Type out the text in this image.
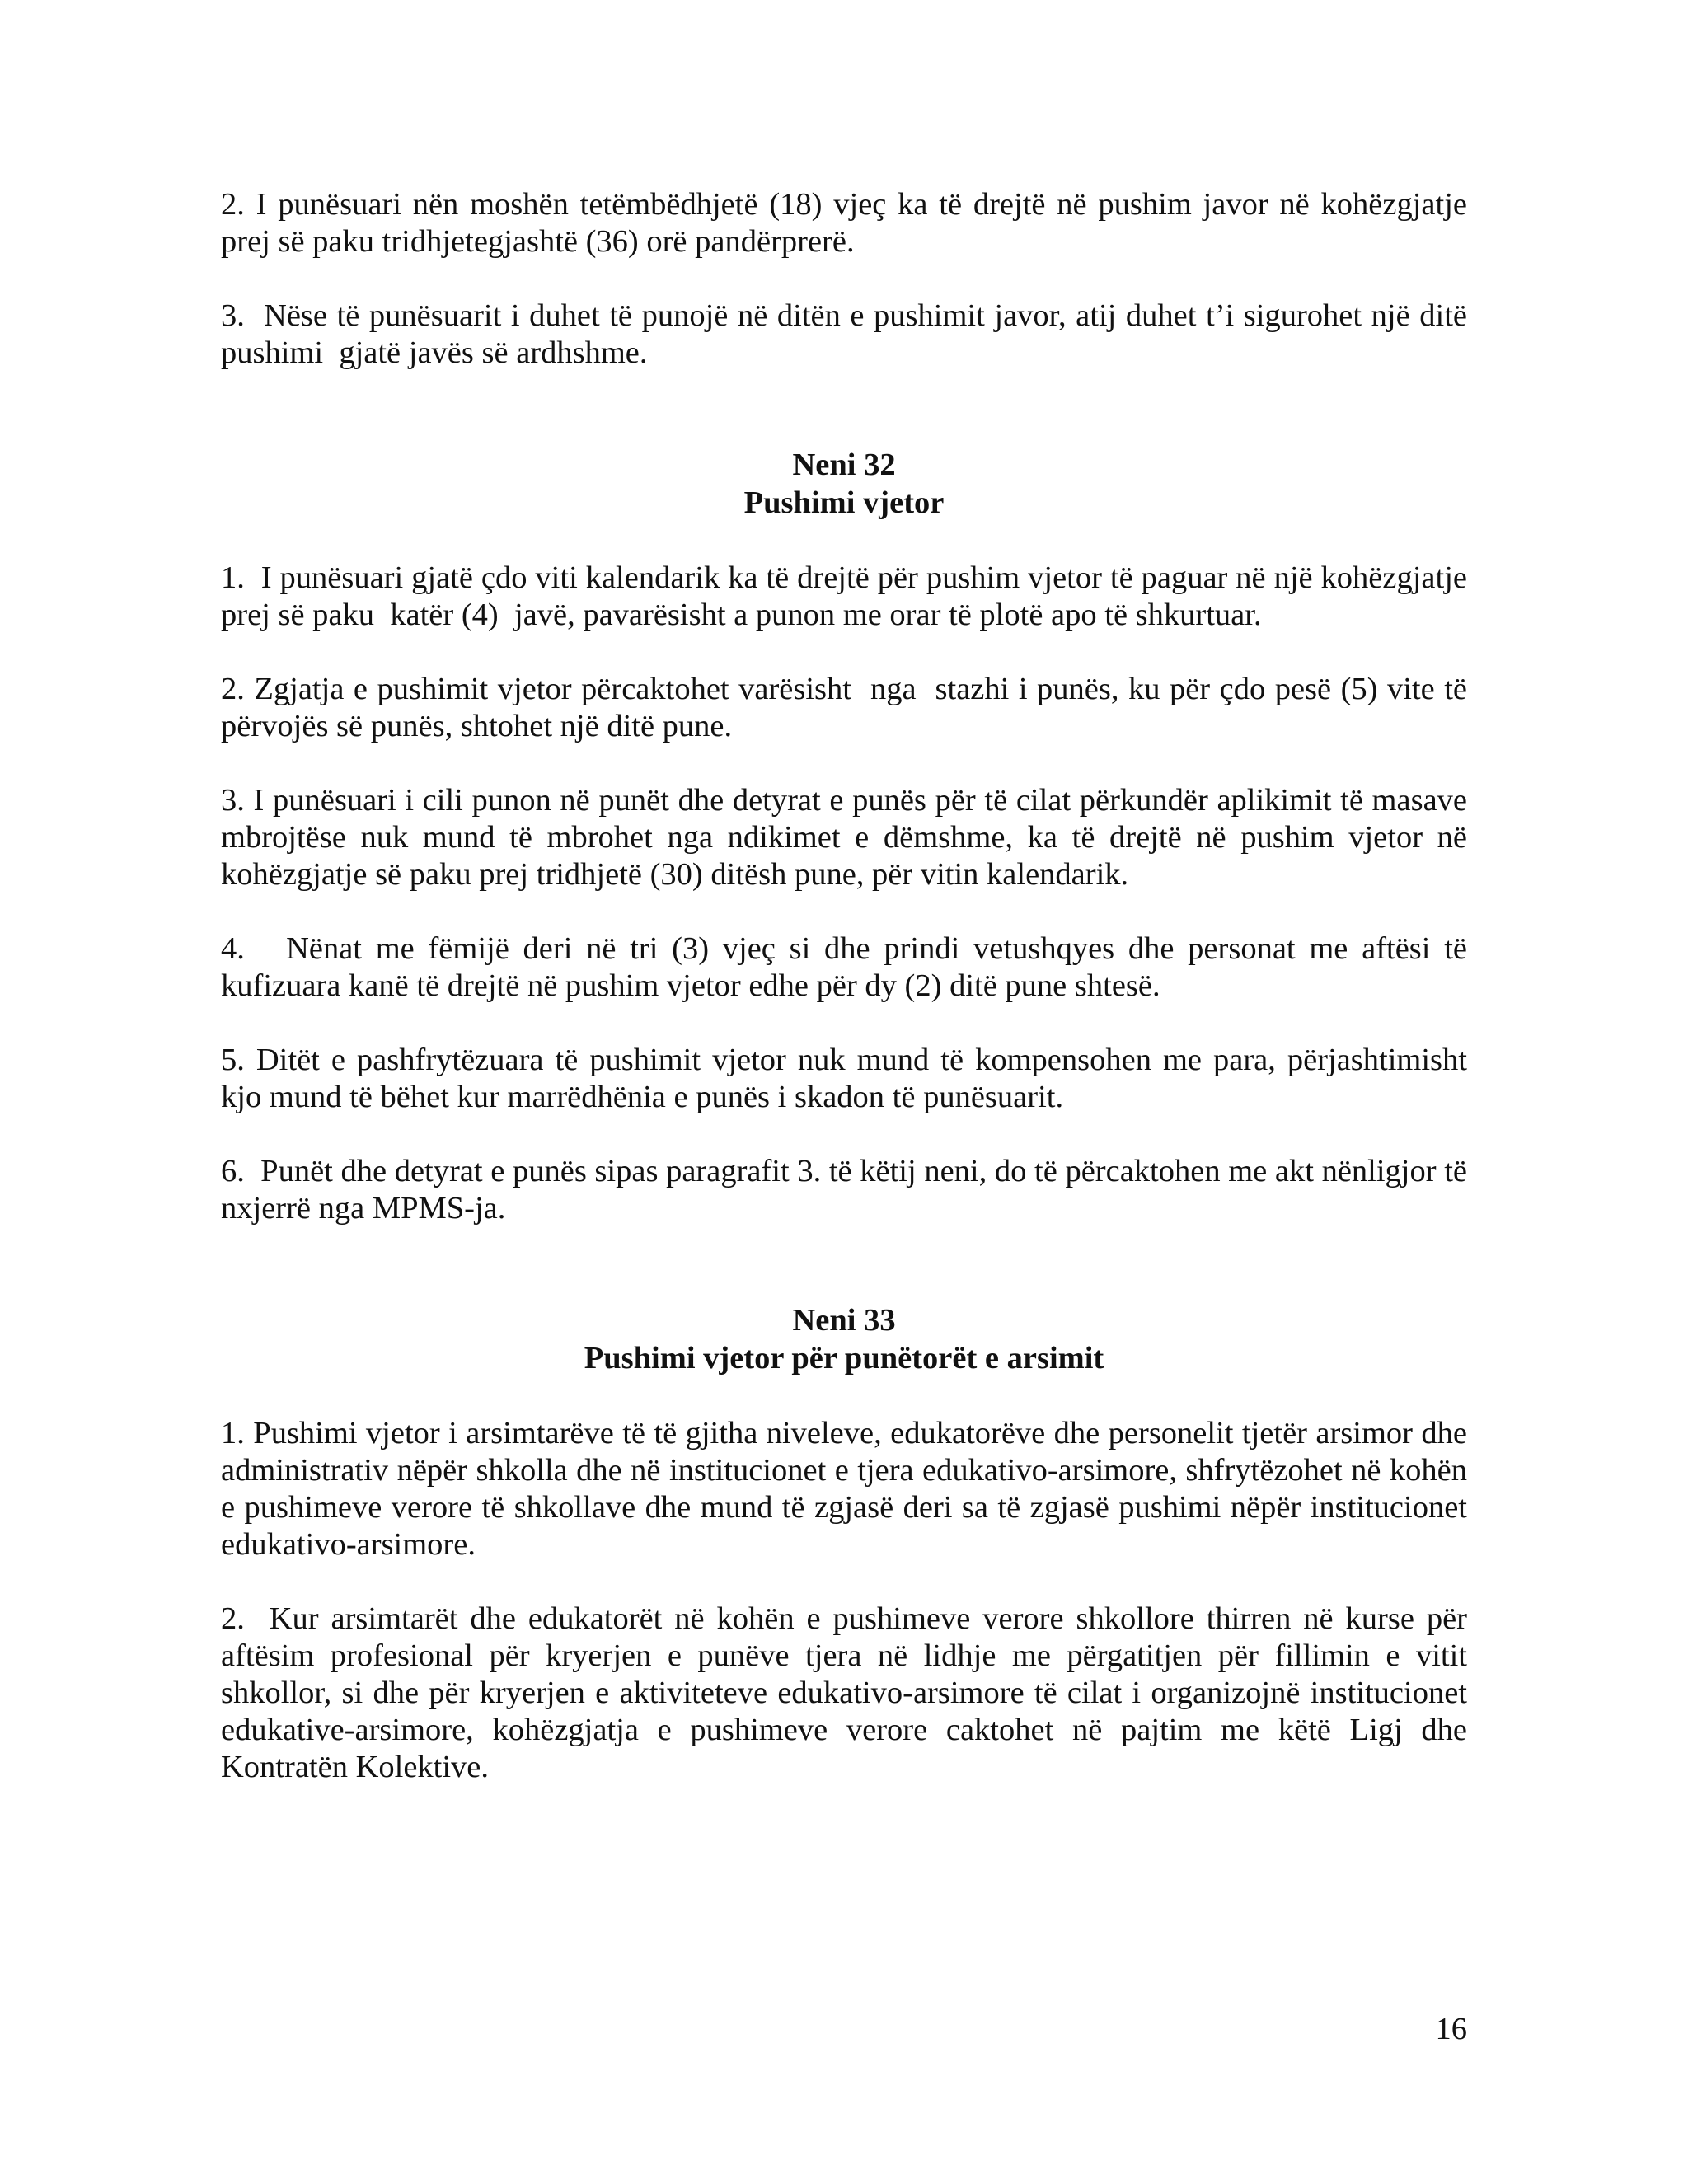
2. I punësuari nën moshën tetëmbëdhjetë (18) vjeç ka të drejtë në pushim javor në kohëzgjatje prej së paku tridhjetegjashtë (36) orë pandërprerë.

3.  Nëse të punësuarit i duhet të punojë në ditën e pushimit javor, atij duhet t’i sigurohet një ditë pushimi  gjatë javës së ardhshme.

Neni 32

Pushimi vjetor

1.  I punësuari gjatë çdo viti kalendarik ka të drejtë për pushim vjetor të paguar në një kohëzgjatje prej së paku  katër (4)  javë, pavarësisht a punon me orar të plotë apo të shkurtuar.

2. Zgjatja e pushimit vjetor përcaktohet varësisht  nga  stazhi i punës, ku për çdo pesë (5) vite të përvojës së punës, shtohet një ditë pune.

3. I punësuari i cili punon në punët dhe detyrat e punës për të cilat përkundër aplikimit të masave mbrojtëse nuk mund të mbrohet nga ndikimet e dëmshme, ka të drejtë në pushim vjetor në kohëzgjatje së paku prej tridhjetë (30) ditësh pune, për vitin kalendarik.

4.   Nënat me fëmijë deri në tri (3) vjeç si dhe prindi vetushqyes dhe personat me aftësi të kufizuara kanë të drejtë në pushim vjetor edhe për dy (2) ditë pune shtesë.

5. Ditët e pashfrytëzuara të pushimit vjetor nuk mund të kompensohen me para, përjashtimisht kjo mund të bëhet kur marrëdhënia e punës i skadon të punësuarit.

6.  Punët dhe detyrat e punës sipas paragrafit 3. të këtij neni, do të përcaktohen me akt nënligjor të nxjerrë nga MPMS-ja.

Neni 33

Pushimi vjetor për punëtorët e arsimit

1. Pushimi vjetor i arsimtarëve të të gjitha niveleve, edukatorëve dhe personelit tjetër arsimor dhe administrativ nëpër shkolla dhe në institucionet e tjera edukativo-arsimore, shfrytëzohet në kohën e pushimeve verore të shkollave dhe mund të zgjasë deri sa të zgjasë pushimi nëpër institucionet edukativo-arsimore.

2.  Kur arsimtarët dhe edukatorët në kohën e pushimeve verore shkollore thirren në kurse për aftësim profesional për kryerjen e punëve tjera në lidhje me përgatitjen për fillimin e vitit shkollor, si dhe për kryerjen e aktiviteteve edukativo-arsimore të cilat i organizojnë institucionet edukative-arsimore, kohëzgjatja e pushimeve verore caktohet në pajtim me këtë Ligj dhe Kontratën Kolektive.

16
